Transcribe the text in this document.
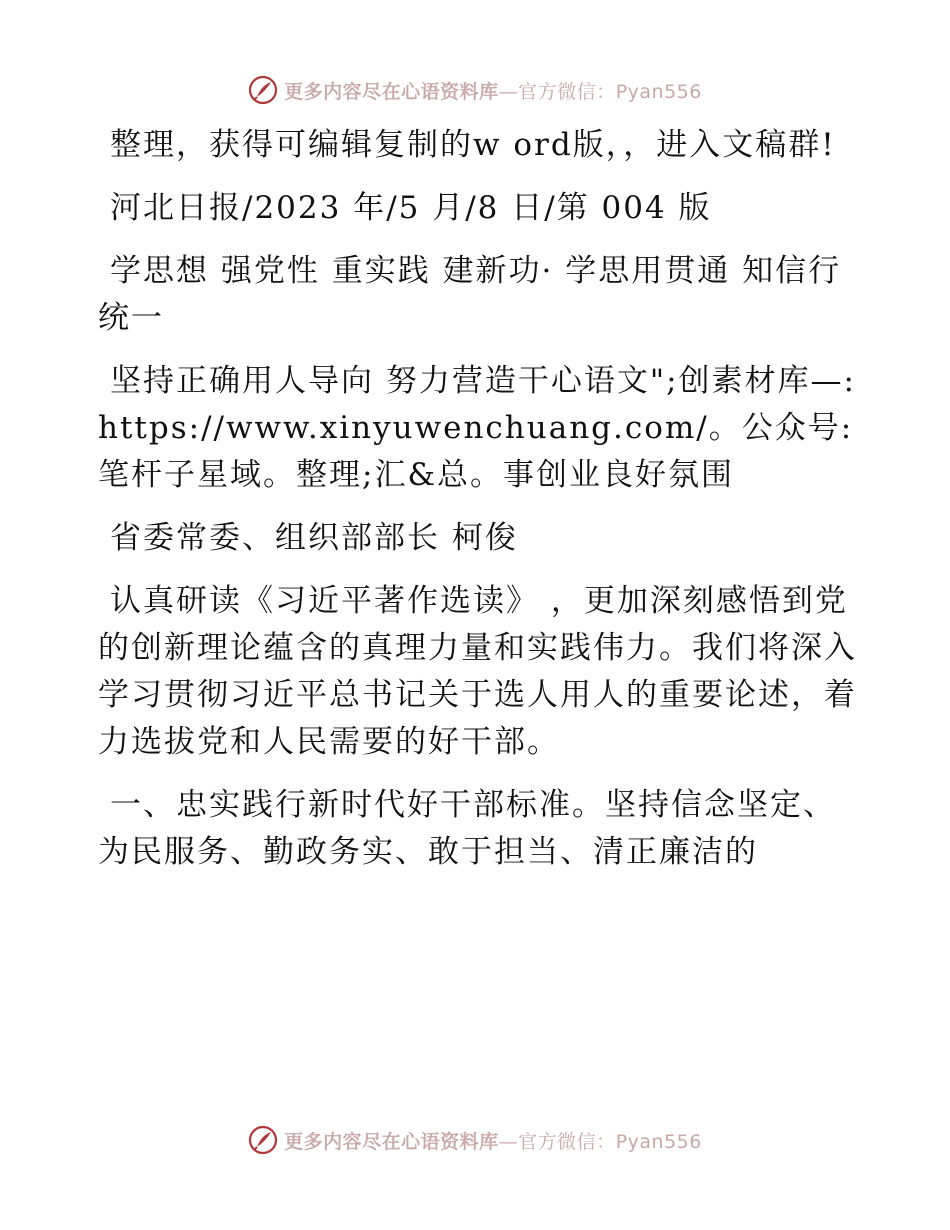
更多内容尽在心语资料库—官方微信：Pyan556

整理，获得可编辑复制的w ord版，，进入文稿群!

河北日报/2023 年/5 月/8 日/第 004 版

学思想 强党性 重实践 建新功· 学思用贯通 知信行统一

坚持正确用人导向 努力营造干心语文";创素材库—: https://www.xinyuwenchuang.com/。公众号: 笔杆子星域。整理;汇&总。事创业良好氛围

省委常委、组织部部长 柯俊

认真研读《习近平著作选读》 ，更加深刻感悟到党的创新理论蕴含的真理力量和实践伟力。我们将深入学习贯彻习近平总书记关于选人用人的重要论述，着力选拔党和人民需要的好干部。

一、忠实践行新时代好干部标准。坚持信念坚定、为民服务、勤政务实、敢于担当、清正廉洁的

更多内容尽在心语资料库—官方微信：Pyan556
